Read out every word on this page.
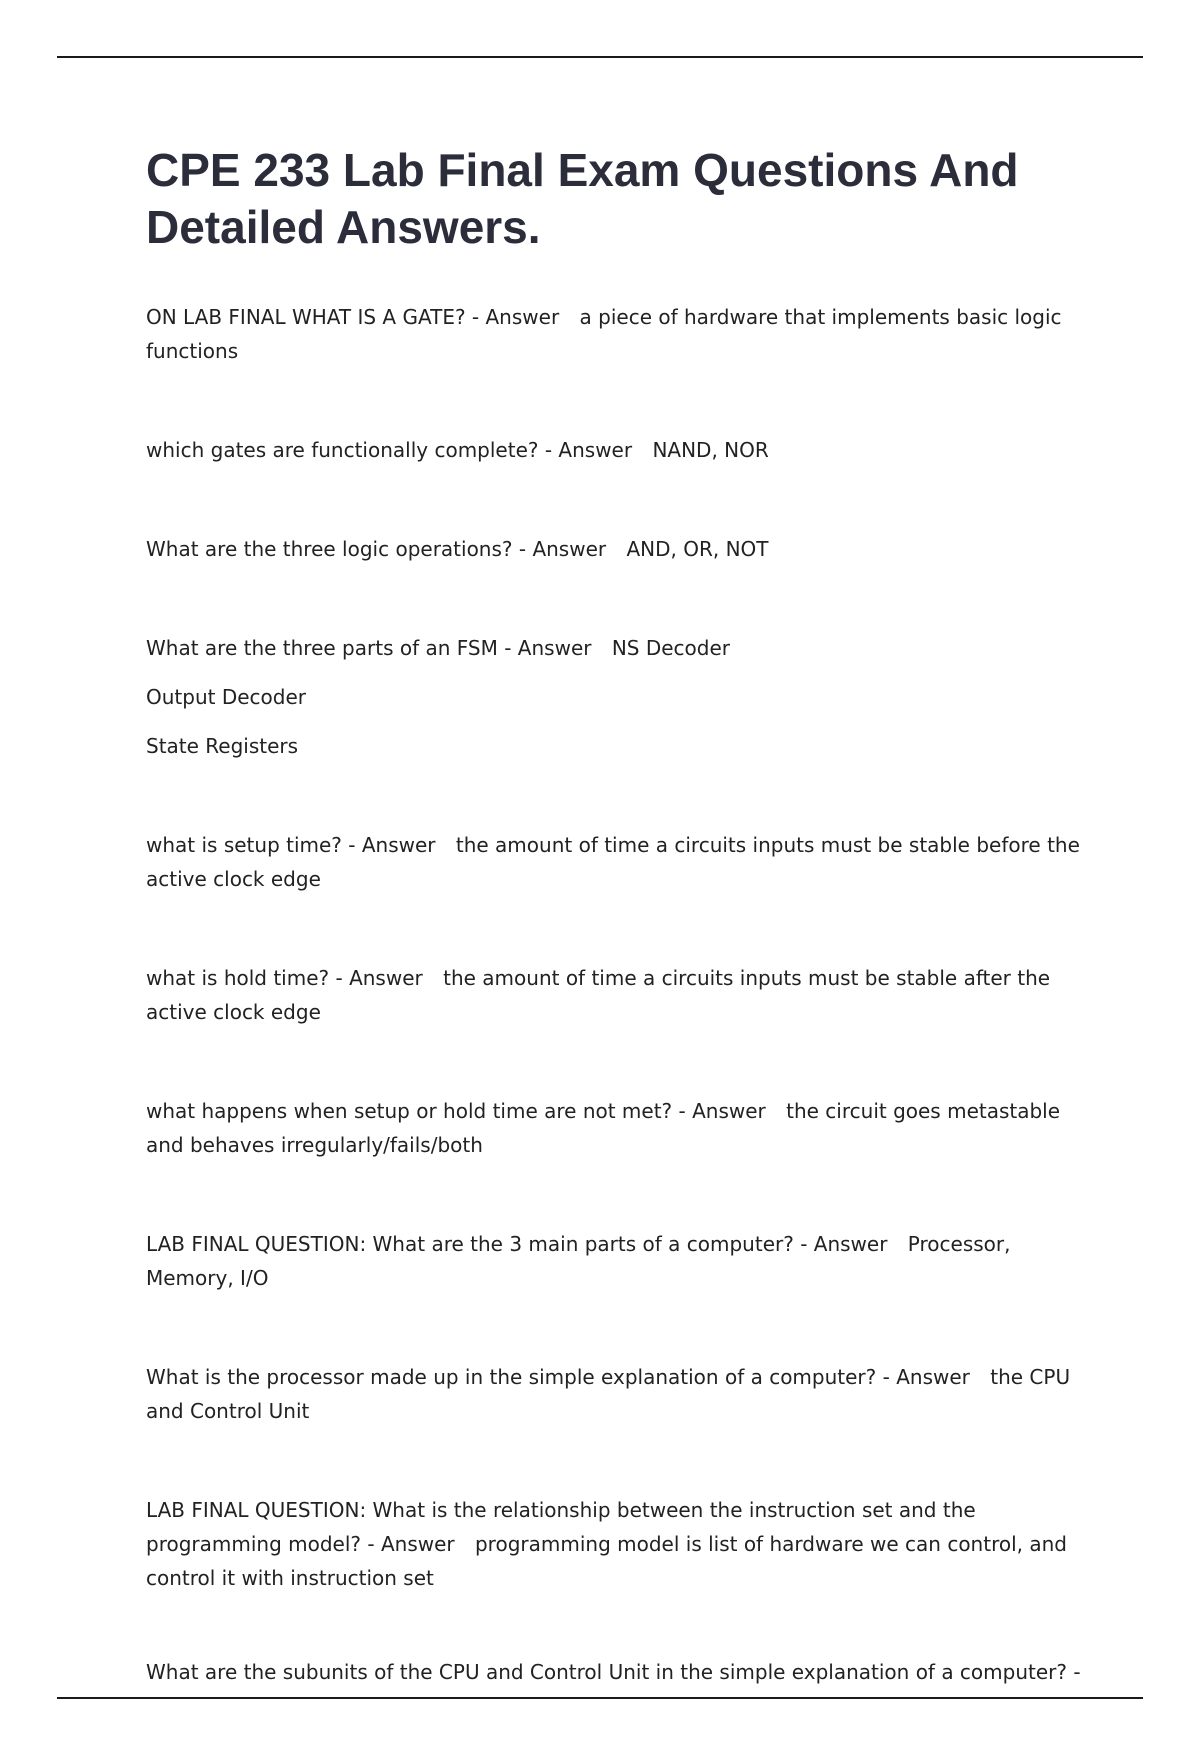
CPE 233 Lab Final Exam Questions And Detailed Answers.
ON LAB FINAL WHAT IS A GATE? - Answer a piece of hardware that implements basic logic functions
which gates are functionally complete? - Answer NAND, NOR
What are the three logic operations? - Answer AND, OR, NOT
What are the three parts of an FSM - Answer NS Decoder
Output Decoder
State Registers
what is setup time? - Answer the amount of time a circuits inputs must be stable before the active clock edge
what is hold time? - Answer the amount of time a circuits inputs must be stable after the active clock edge
what happens when setup or hold time are not met? - Answer the circuit goes metastable and behaves irregularly/fails/both
LAB FINAL QUESTION: What are the 3 main parts of a computer? - Answer Processor, Memory, I/O
What is the processor made up in the simple explanation of a computer? - Answer the CPU and Control Unit
LAB FINAL QUESTION: What is the relationship between the instruction set and the programming model? - Answer programming model is list of hardware we can control, and control it with instruction set
What are the subunits of the CPU and Control Unit in the simple explanation of a computer? -
